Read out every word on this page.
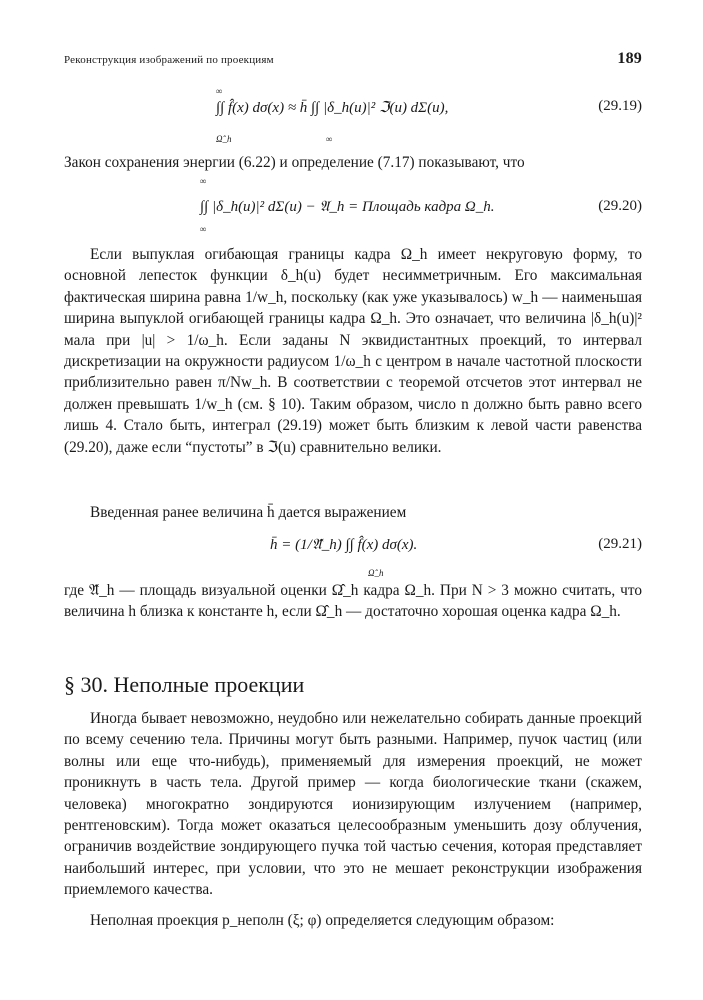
Реконструкция изображений по проекциям	189
∞
∫∫ f̂(x) dσ(x) ≈ h̄ ∫∫ |δ_h(u)|² ℑ(u) dΣ(u),
Ω̂_h	∞
(29.19)

Закон сохранения энергии (6.22) и определение (7.17) показывают, что

∞
∫∫ |δ_h(u)|² dΣ(u) − 𝔄_h = Площадь кадра Ω_h.
∞
(29.20)

Если выпуклая огибающая границы кадра Ω_h имеет некруговую форму, то основной лепесток функции δ_h(u) будет несимметричным. Его максимальная фактическая ширина равна 1/w_h, поскольку (как уже указывалось) w_h — наименьшая ширина выпуклой огибающей границы кадра Ω_h. Это означает, что величина |δ_h(u)|² мала при |u| > 1/ω_h. Если заданы N эквидистантных проекций, то интервал дискретизации на окружности радиусом 1/ω_h с центром в начале частотной плоскости приблизительно равен π/Nw_h. В соответствии с теоремой отсчетов этот интервал не должен превышать 1/w_h (см. § 10). Таким образом, число n должно быть равно всего лишь 4. Стало быть, интеграл (29.19) может быть близким к левой части равенства (29.20), даже если “пустоты” в ℑ(u) сравнительно велики.

Введенная ранее величина h̄ дается выражением

h̄ = (1/𝔄̂_h) ∫∫ f̂(x) dσ(x).
Ω̂_h
(29.21)

где 𝔄̂_h — площадь визуальной оценки Ω̂_h кадра Ω_h. При N > 3 можно считать, что величина h близка к константе h, если Ω̂_h — достаточно хорошая оценка кадра Ω_h.

§ 30. Неполные проекции

Иногда бывает невозможно, неудобно или нежелательно собирать данные проекций по всему сечению тела. Причины могут быть разными. Например, пучок частиц (или волны или еще что-нибудь), применяемый для измерения проекций, не может проникнуть в часть тела. Другой пример — когда биологические ткани (скажем, человека) многократно зондируются ионизирующим излучением (например, рентгеновским). Тогда может оказаться целесообразным уменьшить дозу облучения, ограничив воздействие зондирующего пучка той частью сечения, которая представляет наибольший интерес, при условии, что это не мешает реконструкции изображения приемлемого качества.

Неполная проекция p_неполн (ξ; φ) определяется следующим образом:
